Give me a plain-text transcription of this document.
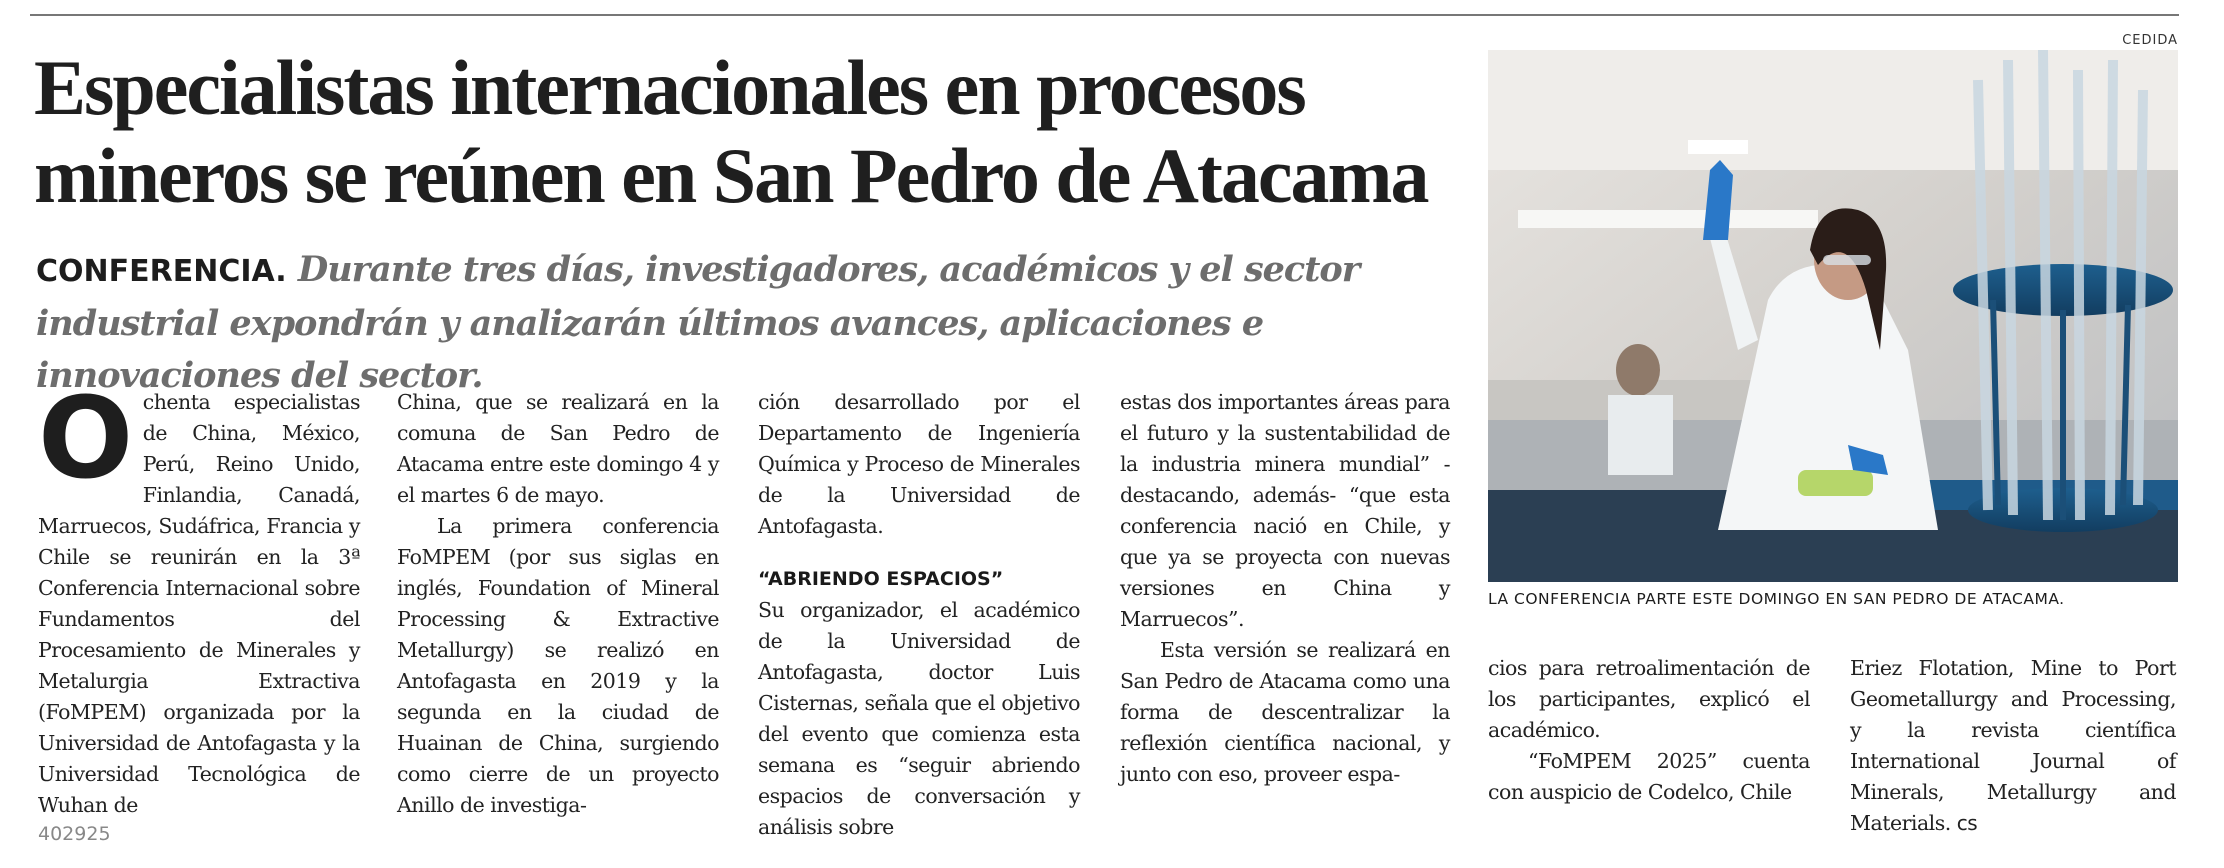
Especialistas internacionales en procesos mineros se reúnen en San Pedro de Atacama

CONFERENCIA. Durante tres días, investigadores, académicos y el sector industrial expondrán y analizarán últimos avances, aplicaciones e innovaciones del sector.

CEDIDA
LA CONFERENCIA PARTE ESTE DOMINGO EN SAN PEDRO DE ATACAMA.

Ochenta especialistas de China, México, Perú, Reino Unido, Finlandia, Canadá, Marruecos, Sudáfrica, Francia y Chile se reunirán en la 3ª Conferencia Internacional sobre Fundamentos del Procesamiento de Minerales y Metalurgia Extractiva (FoMPEM) organizada por la Universidad de Antofagasta y la Universidad Tecnológica de Wuhan de

China, que se realizará en la comuna de San Pedro de Atacama entre este domingo 4 y el martes 6 de mayo.

La primera conferencia FoMPEM (por sus siglas en inglés, Foundation of Mineral Processing & Extractive Metallurgy) se realizó en Antofagasta en 2019 y la segunda en la ciudad de Huainan de China, surgiendo como cierre de un proyecto Anillo de investiga-

ción desarrollado por el Departamento de Ingeniería Química y Proceso de Minerales de la Universidad de Antofagasta.

“ABRIENDO ESPACIOS”

Su organizador, el académico de la Universidad de Antofagasta, doctor Luis Cisternas, señala que el objetivo del evento que comienza esta semana es “seguir abriendo espacios de conversación y análisis sobre

estas dos importantes áreas para el futuro y la sustentabilidad de la industria minera mundial” -destacando, además- “que esta conferencia nació en Chile, y que ya se proyecta con nuevas versiones en China y Marruecos”.

Esta versión se realizará en San Pedro de Atacama como una forma de descentralizar la reflexión científica nacional, y junto con eso, proveer espa-

cios para retroalimentación de los participantes, explicó el académico.

“FoMPEM 2025” cuenta con auspicio de Codelco, Chile

Eriez Flotation, Mine to Port Geometallurgy and Processing, y la revista científica International Journal of Minerals, Metallurgy and Materials. cs

402925
